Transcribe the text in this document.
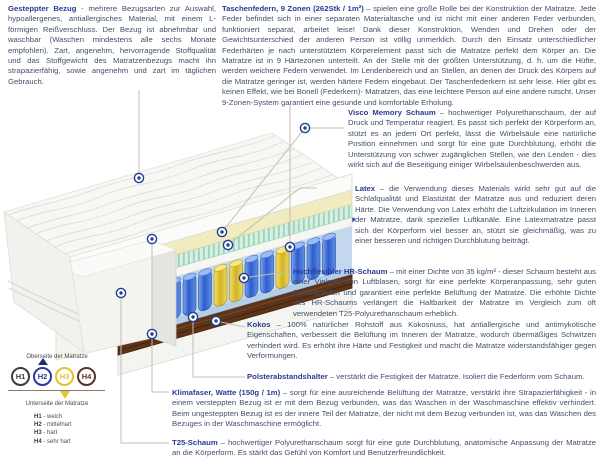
Gesteppter Bezug - mehrere Bezugsarten zur Auswahl, hypoallergenes, antiallergisches Material, mit einem L-förmigen Reißverschluss. Der Bezug ist abnehmbar und waschbar (Waschen mindestens alle sechs Monate empfohlen). Zart, angenehm, hervorragende Stoffqualität und das Stoffgewicht des Matratzenbezugs macht ihn strapazierfähig, sowie angenehm und zart im täglichen Gebrauch.
Taschenfedern, 9 Zonen (262Stk / 1m²) – spielen eine große Rolle bei der Konstruktion der Matratze. Jede Feder befindet sich in einer separaten Materialtasche und ist nicht mit einer anderen Feder verbunden, funktioniert separat, arbeitet leise! Dank dieser Konstruktion, Wenden und Drehen oder der Gewichtsunterschied der anderen Person ist völlig unmerklich. Durch den Einsatz unterschiedlicher Federhärten je nach unterstütztem Körperelement passt sich die Matratze perfekt dem Körper an. Die Matratze ist in 9 Härtezonen unterteilt. An der Stelle mit der größten Unterstützung, d. h. um die Hüfte, werden weichere Federn verwendet. Im Lendenbereich und an Stellen, an denen der Druck des Körpers auf die Matratze geringer ist, werden härtere Federn eingebaut. Der Taschenfederkern ist sehr leise. Hier gibt es keinen Effekt, wie bei Bonell (Federkern)- Matratzen, das eine leichtere Person auf eine andere rutscht. Unser 9-Zonen-System garantiert eine gesunde und komfortable Erholung.
Visco Memory Schaum – hochwertiger Polyurethanschaum, der auf Druck und Temperatur reagiert. Es passt sich perfekt der Körperform an, stützt es an jedem Ort perfekt, lässt die Wirbelsäule eine natürliche Position einnehmen und sorgt für eine gute Durchblutung, erhöht die Unterstützung von schwer zugänglichen Stellen, wie den Lenden - dies wirkt sich auf die Beseitigung einiger Wirbelsäulenbeschwerden aus.
Latex – die Verwendung dieses Materials wirkt sehr gut auf die Schlafqualität und Elastizität der Matratze aus und reduziert deren Härte. Die Verwendung von Latex erhöht die Luftzirkulation im Inneren der Matratze, dank spezieller Luftkanäle. Eine Latexmatratze passt sich der Körperform viel besser an, stützt sie gleichmäßig, was zu einer besseren und richtigen Durchblutung beiträgt.
Hochflexibler HR-Schaum – mit einer Dichte von 35 kg/m³ - dieser Schaum besteht aus einer Vielzahl von Luftblasen, sorgt für eine perfekte Körperanpassung, sehr guten Schlafkomfort und garantiert eine perfekte Belüftung der Matratze. Die erhöhte Dichte des HR-Schaums verlängert die Haltbarkeit der Matratze im Vergleich zum oft verwendeten T25-Polyurethanschaum erheblich.
Kokos – 100% natürlicher Rohstoff aus Kokosnuss, hat antiallergische und antimykotische Eigenschaften, verbessert die Belüftung im Inneren der Matratze, wodurch übermäßiges Schwitzen verhindert wird. Es erhöht ihre Härte und Festigkeit und macht die Matratze widerstandsfähiger gegen Verformungen.
Polsterabstandshalter – verstärkt die Festigkeit der Matratze. Isoliert die Federform vom Schaum.
Klimafaser, Watte (150g / 1m) – sorgt für eine ausreichende Belüftung der Matratze, verstärkt ihre Strapazierfähigkeit - in einem versteppten Bezug ist er mit dem Bezug verbunden, was das Waschen in der Waschmaschine effektiv verhindert. Beim ungesteppten Bezug ist es der innere Teil der Matratze, der nicht mit dem Bezug verbunden ist, was das Waschen des Bezuges in der Waschmaschine ermöglicht.
T25-Schaum – hochwertiger Polyurethanschaum sorgt für eine gute Durchblutung, anatomische Anpassung der Matratze an die Körperform. Es stärkt das Gefühl von Komfort und Benutzerfreundlichkeit.
Oberseite der Matratze
H1	H2	H3	H4
Unterseite der Matratze
H1 - weich
H2 - mittelhart
H3 - hart
H4 - sehr hart
